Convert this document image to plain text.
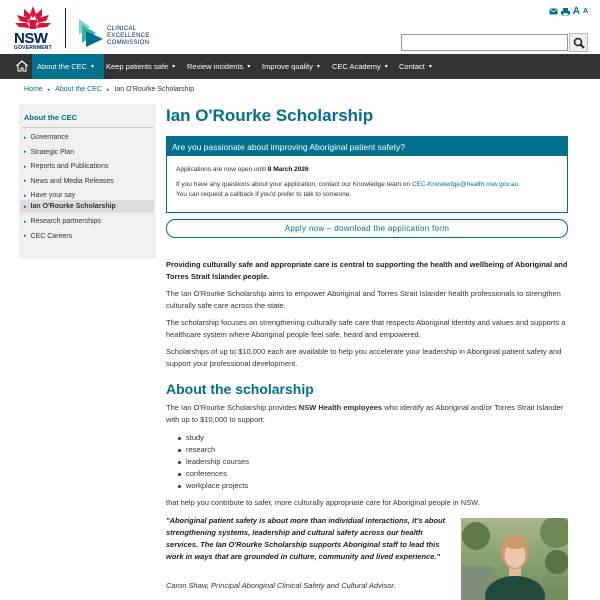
NSW
GOVERNMENT
CLINICAL
EXCELLENCE
COMMISSION
A A
About the CEC ▾ Keep patients safe ▾ Review incidents ▾ Improve quality ▾ CEC Academy ▾ Contact ▾
Home ▸ About the CEC ▸ Ian O'Rourke Scholarship
About the CEC
▸ Governance
▸ Strategic Plan
▸ Reports and Publications
▸ News and Media Releases
▸ Have your say
▸ Ian O'Rourke Scholarship
▸ Research partnerships
▸ CEC Careers
Ian O'Rourke Scholarship
Are you passionate about improving Aboriginal patient safety?
Applications are now open until 8 March 2026
If you have any questions about your application, contact our Knowledge team on CEC-Knowledge@health.nsw.gov.au.
You can request a callback if you'd prefer to talk to someone.
Apply now – download the application form

Providing culturally safe and appropriate care is central to supporting the health and wellbeing of Aboriginal and Torres Strait Islander people.

The Ian O'Rourke Scholarship aims to empower Aboriginal and Torres Strait Islander health professionals to strengthen culturally safe care across the state.

The scholarship focuses on strengthening culturally safe care that respects Aboriginal identity and values and supports a healthcare system where Aboriginal people feel safe, heard and empowered.

Scholarships of up to $10,000 each are available to help you accelerate your leadership in Aboriginal patient safety and support your professional development.

About the scholarship

The Ian O'Rourke Scholarship provides NSW Health employees who identify as Aboriginal and/or Torres Strait Islander with up to $10,000 to support:

study
research
leadership courses
conferences
workplace projects

that help you contribute to safer, more culturally appropriate care for Aboriginal people in NSW.

"Aboriginal patient safety is about more than individual interactions, it's about strengthening systems, leadership and cultural safety across our health services. The Ian O'Rourke Scholarship supports Aboriginal staff to lead this work in ways that are grounded in culture, community and lived experience."

Caron Shaw, Principal Aboriginal Clinical Safety and Cultural Advisor.
